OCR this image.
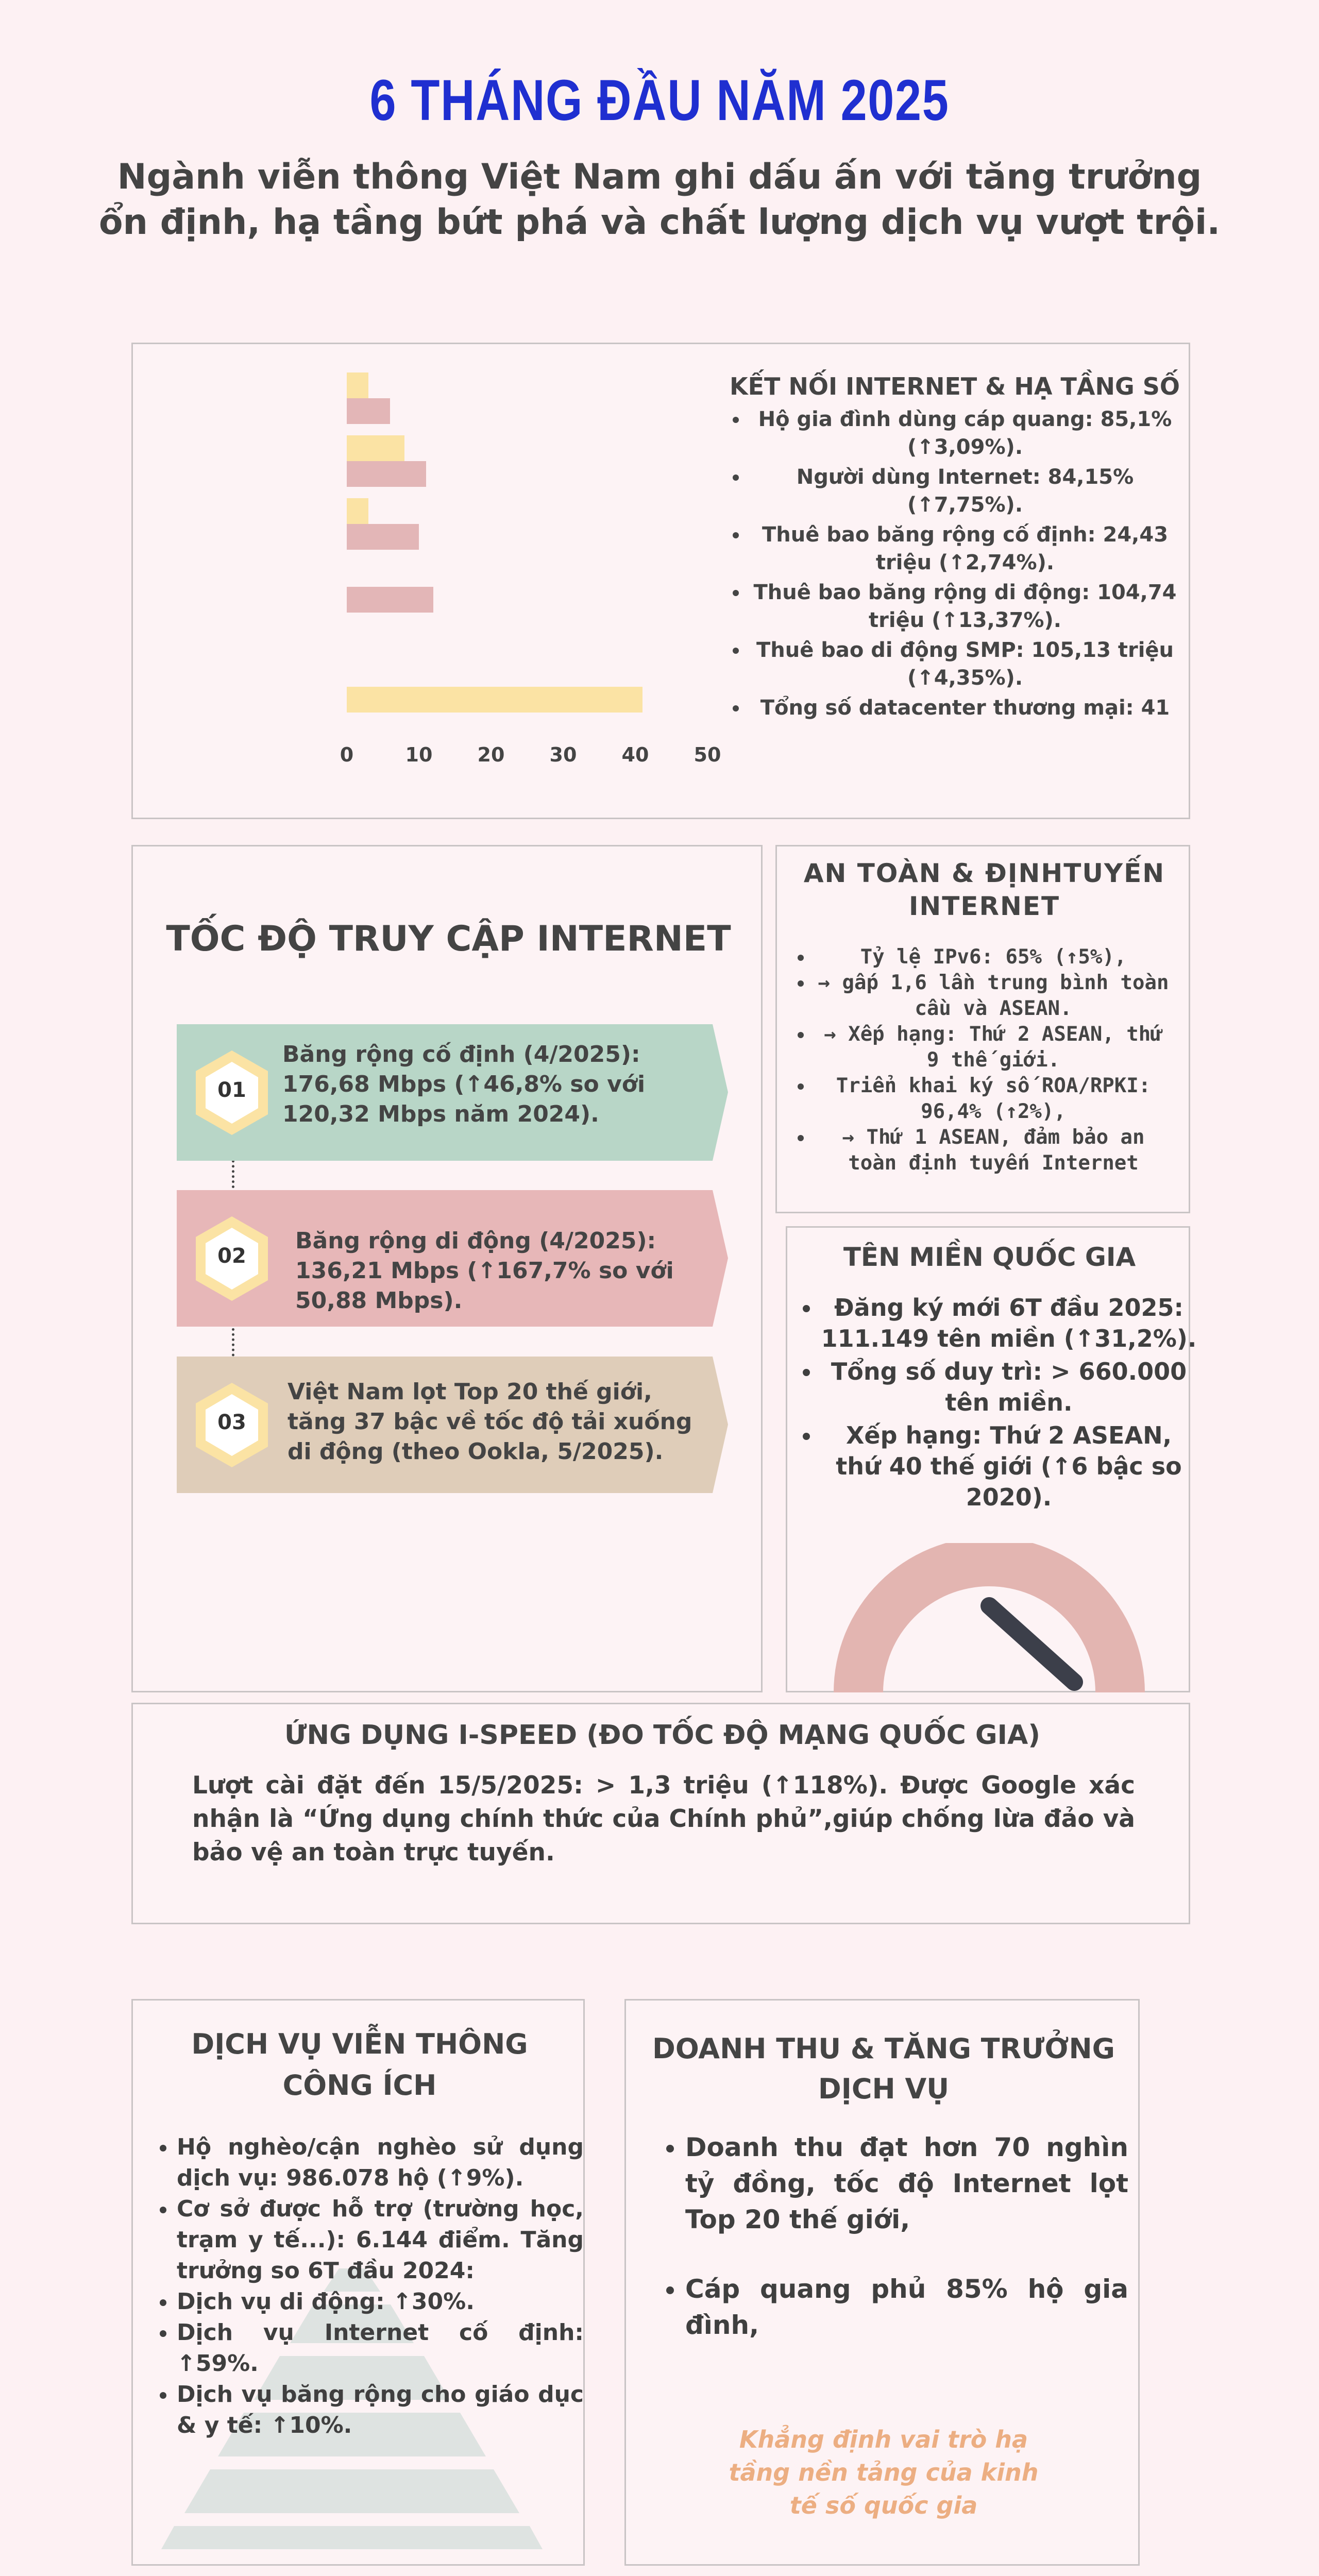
6 THÁNG ĐẦU NĂM 2025
Ngành viễn thông Việt Nam ghi dấu ấn với tăng trưởng
ổn định, hạ tầng bứt phá và chất lượng dịch vụ vượt trội.
0	10 20 30 40 50
KẾT NỐI INTERNET & HẠ TẦNG SỐ
• Hộ gia đình dùng cáp quang: 85,1% (↑3,09%).
• Người dùng Internet: 84,15% (↑7,75%).
• Thuê bao băng rộng cố định: 24,43 triệu (↑2,74%).
• Thuê bao băng rộng di động: 104,74 triệu (↑13,37%).
• Thuê bao di động SMP: 105,13 triệu (↑4,35%).
• Tổng số datacenter thương mại: 41
TỐC ĐỘ TRUY CẬP INTERNET
01
Băng rộng cố định (4/2025): 176,68 Mbps (↑46,8% so với 120,32 Mbps năm 2024).
02
Băng rộng di động (4/2025): 136,21 Mbps (↑167,7% so với 50,88 Mbps).
03
Việt Nam lọt Top 20 thế giới, tăng 37 bậc về tốc độ tải xuống di động (theo Ookla, 5/2025).
AN TOÀN & ĐỊNHTUYẾN
INTERNET
• Tỷ lệ IPv6: 65% (↑5%),
• → gấp 1,6 lần trung bình toàn cầu và ASEAN.
• → Xếp hạng: Thứ 2 ASEAN, thứ 9 thế giới.
• Triển khai ký số ROA/RPKI: 96,4% (↑2%),
• → Thứ 1 ASEAN, đảm bảo an toàn định tuyến Internet
TÊN MIỀN QUỐC GIA
• Đăng ký mới 6T đầu 2025: 111.149 tên miền (↑31,2%).
• Tổng số duy trì: > 660.000 tên miền.
• Xếp hạng: Thứ 2 ASEAN, thứ 40 thế giới (↑6 bậc so 2020).
ỨNG DỤNG I-SPEED (ĐO TỐC ĐỘ MẠNG QUỐC GIA)
Lượt cài đặt đến 15/5/2025: > 1,3 triệu (↑118%). Được Google xác nhận là “Ứng dụng chính thức của Chính phủ”,giúp chống lừa đảo và bảo vệ an toàn trực tuyến.
DỊCH VỤ VIỄN THÔNG
CÔNG ÍCH
• Hộ nghèo/cận nghèo sử dụng dịch vụ: 986.078 hộ (↑9%).
• Cơ sở được hỗ trợ (trường học, trạm y tế...): 6.144 điểm. Tăng trưởng so 6T đầu 2024:
• Dịch vụ di động: ↑30%.
• Dịch vụ Internet cố định: ↑59%.
• Dịch vụ băng rộng cho giáo dục & y tế: ↑10%.
DOANH THU & TĂNG TRƯỞNG
DỊCH VỤ
• Doanh thu đạt hơn 70 nghìn tỷ đồng, tốc độ Internet lọt Top 20 thế giới,
• Cáp quang phủ 85% hộ gia đình,
Khẳng định vai trò hạ tầng nền tảng của kinh tế số quốc gia
